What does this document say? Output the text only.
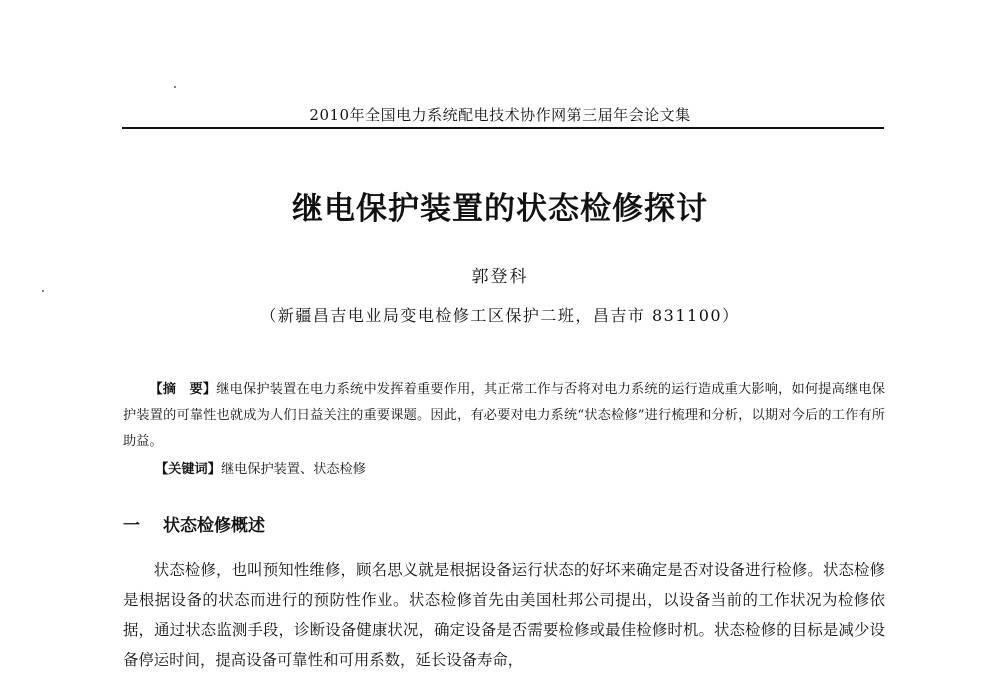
2010年全国电力系统配电技术协作网第三届年会论文集
继电保护装置的状态检修探讨
郭登科
（新疆昌吉电业局变电检修工区保护二班，昌吉市 831100）
【摘　要】继电保护装置在电力系统中发挥着重要作用，其正常工作与否将对电力系统的运行造成重大影响，如何提高继电保护装置的可靠性也就成为人们日益关注的重要课题。因此，有必要对电力系统“状态检修”进行梳理和分析，以期对今后的工作有所助益。
【关键词】继电保护装置、状态检修
一 状态检修概述
状态检修，也叫预知性维修，顾名思义就是根据设备运行状态的好坏来确定是否对设备进行检修。状态检修是根据设备的状态而进行的预防性作业。状态检修首先由美国杜邦公司提出，以设备当前的工作状况为检修依据，通过状态监测手段，诊断设备健康状况，确定设备是否需要检修或最佳检修时机。状态检修的目标是减少设备停运时间，提高设备可靠性和可用系数，延长设备寿命，
